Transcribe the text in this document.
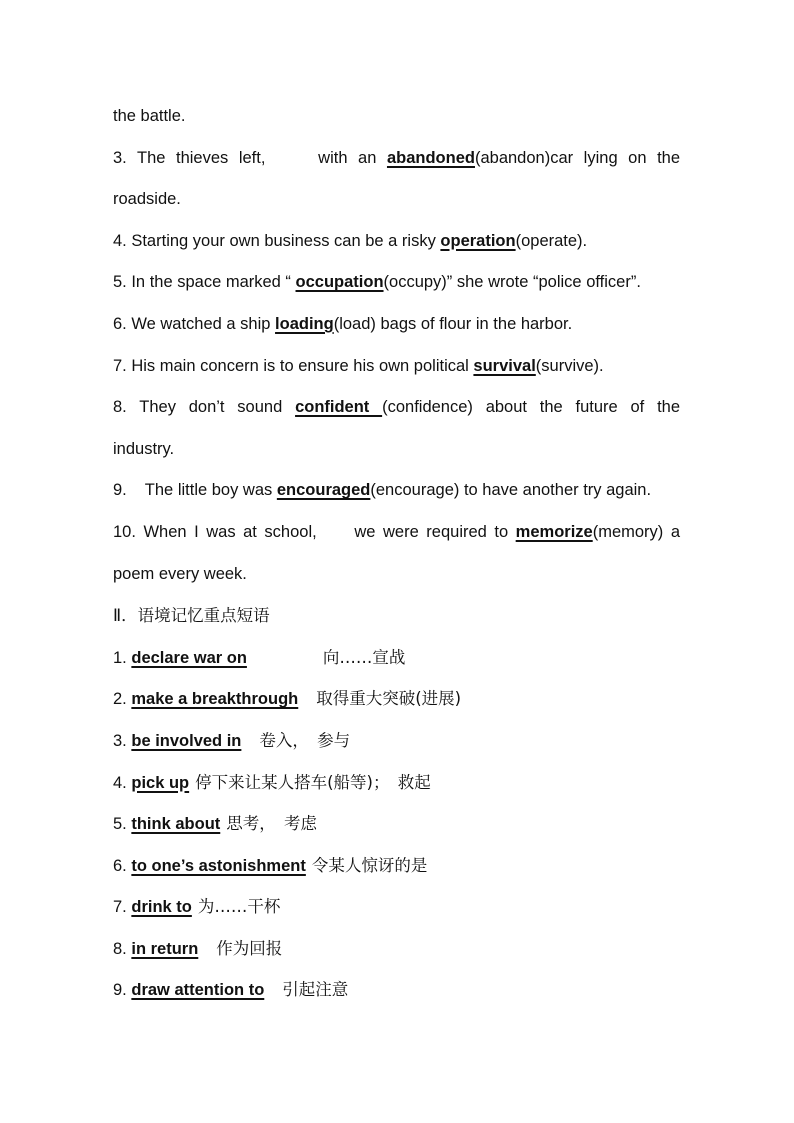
the battle.
3. The thieves left,     with an abandoned(abandon)car lying on the
roadside.
4. Starting your own business can be a risky operation(operate).
5. In the space marked “ occupation(occupy)” she wrote “police officer”.
6. We watched a ship loading(load) bags of flour in the harbor.
7. His main concern is to ensure his own political survival(survive).
8. They don’t sound confident (confidence) about the future of the
industry.
9.    The little boy was encouraged(encourage) to have another try again.
10. When I was at school,     we were required to memorize(memory) a
poem every week.
Ⅱ．语境记忆重点短语
1. declare war on	向……宣战
2. make a breakthrough 取得重大突破(进展)
3. be involved in 卷入，　参与
4. pick up 停下来让某人搭车(船等)；　救起
5. think about 思考，　考虑
6. to one’s astonishment 令某人惊讶的是
7. drink to 为……干杯
8. in return 作为回报
9. draw attention to 引起注意
